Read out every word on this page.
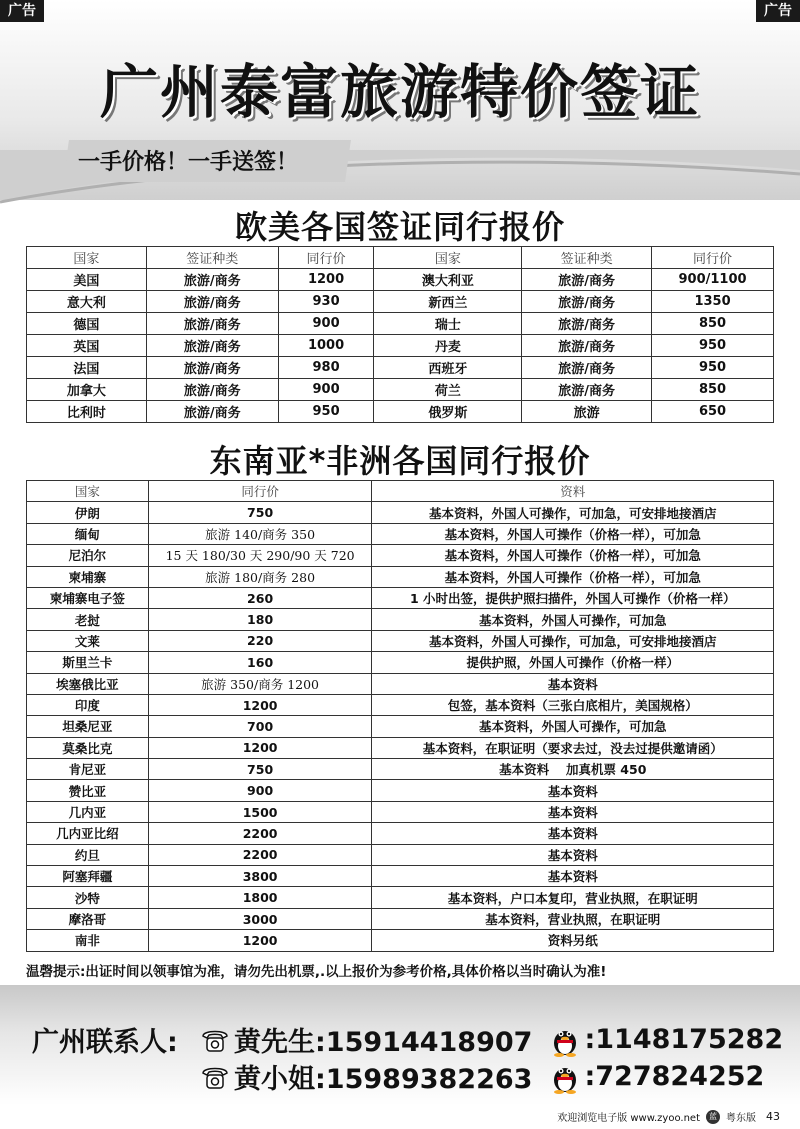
广告	广告
广州泰富旅游特价签证
一手价格！一手送签！
欧美各国签证同行报价
国家	签证种类	同行价	国家	签证种类	同行价
美国	旅游/商务	1200	澳大利亚	旅游/商务	900/1100
意大利	旅游/商务	930	新西兰	旅游/商务	1350
德国	旅游/商务	900	瑞士	旅游/商务	850
英国	旅游/商务	1000	丹麦	旅游/商务	950
法国	旅游/商务	980	西班牙	旅游/商务	950
加拿大	旅游/商务	900	荷兰	旅游/商务	850
比利时	旅游/商务	950	俄罗斯	旅游	650
东南亚*非洲各国同行报价
国家	同行价	资料
伊朗	750	基本资料，外国人可操作，可加急，可安排地接酒店
缅甸	旅游 140/商务 350	基本资料，外国人可操作（价格一样），可加急
尼泊尔	15 天 180/30 天 290/90 天 720	基本资料，外国人可操作（价格一样），可加急
柬埔寨	旅游 180/商务 280	基本资料，外国人可操作（价格一样），可加急
柬埔寨电子签	260	1 小时出签，提供护照扫描件，外国人可操作（价格一样）
老挝	180	基本资料，外国人可操作，可加急
文莱	220	基本资料，外国人可操作，可加急，可安排地接酒店
斯里兰卡	160	提供护照，外国人可操作（价格一样）
埃塞俄比亚	旅游 350/商务 1200	基本资料
印度	1200	包签，基本资料（三张白底相片，美国规格）
坦桑尼亚	700	基本资料，外国人可操作，可加急
莫桑比克	1200	基本资料，在职证明（要求去过，没去过提供邀请函）
肯尼亚	750	基本资料　 加真机票 450
赞比亚	900	基本资料
几内亚	1500	基本资料
几内亚比绍	2200	基本资料
约旦	2200	基本资料
阿塞拜疆	3800	基本资料
沙特	1800	基本资料，户口本复印，营业执照，在职证明
摩洛哥	3000	基本资料，营业执照，在职证明
南非	1200	资料另纸
温磬提示:出证时间以领事馆为准，请勿先出机票,.以上报价为参考价格,具体价格以当时确认为准!
广州联系人: 黄先生:15914418907 :1148175282
黄小姐:15989382263 :727824252
欢迎浏览电子版 www.zyoo.net	蓝 粤东版 43
